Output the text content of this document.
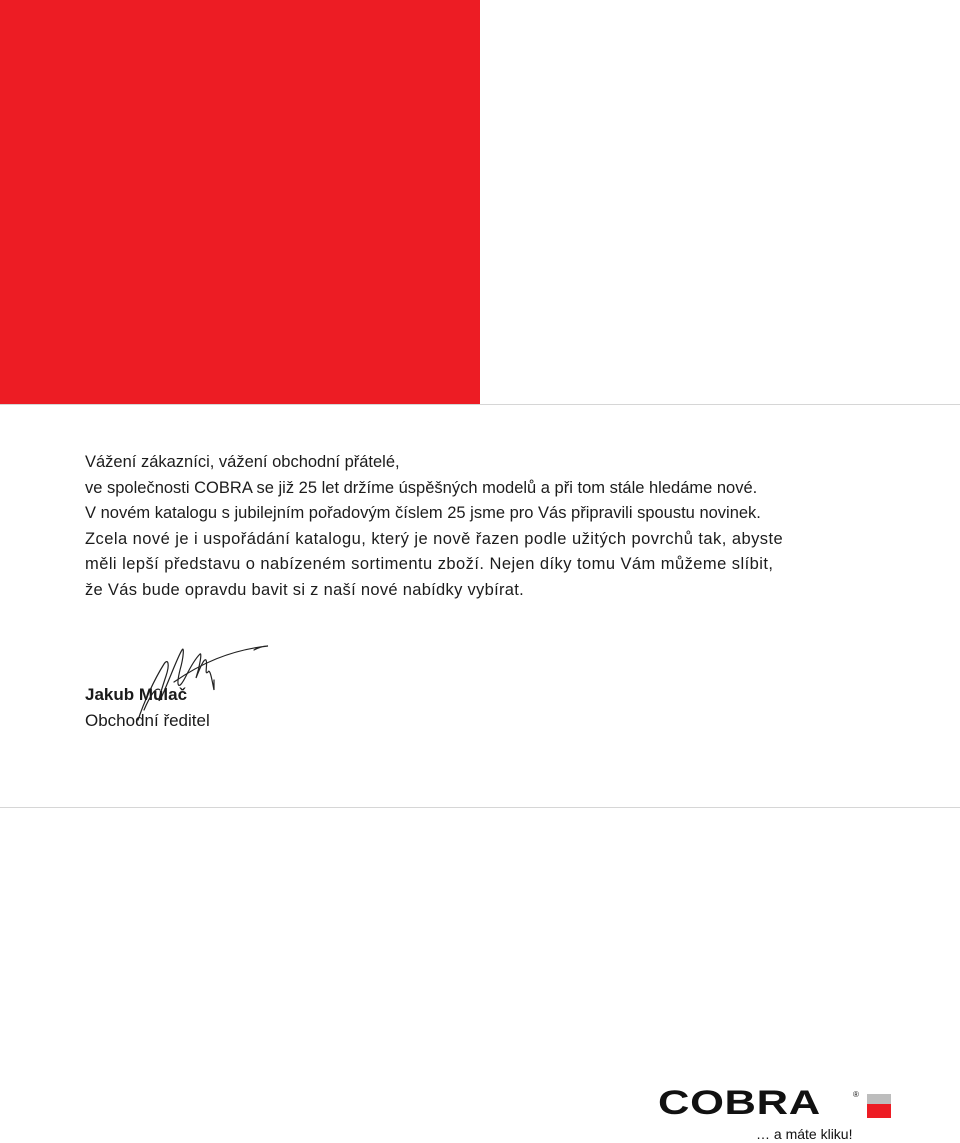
Vážení zákazníci, vážení obchodní přátelé,

ve společnosti COBRA se již 25 let držíme úspěšných modelů a při tom stále hledáme nové.

V novém katalogu s jubilejním pořadovým číslem 25 jsme pro Vás připravili spoustu novinek.

Zcela nové je i uspořádání katalogu, který je nově řazen podle užitých povrchů tak, abyste

měli lepší představu o nabízeném sortimentu zboží. Nejen díky tomu Vám můžeme slíbit,

že Vás bude opravdu bavit si z naší nové nabídky vybírat.

Jakub Mulač

Obchodní ředitel

COBRA	®
… a máte kliku!
